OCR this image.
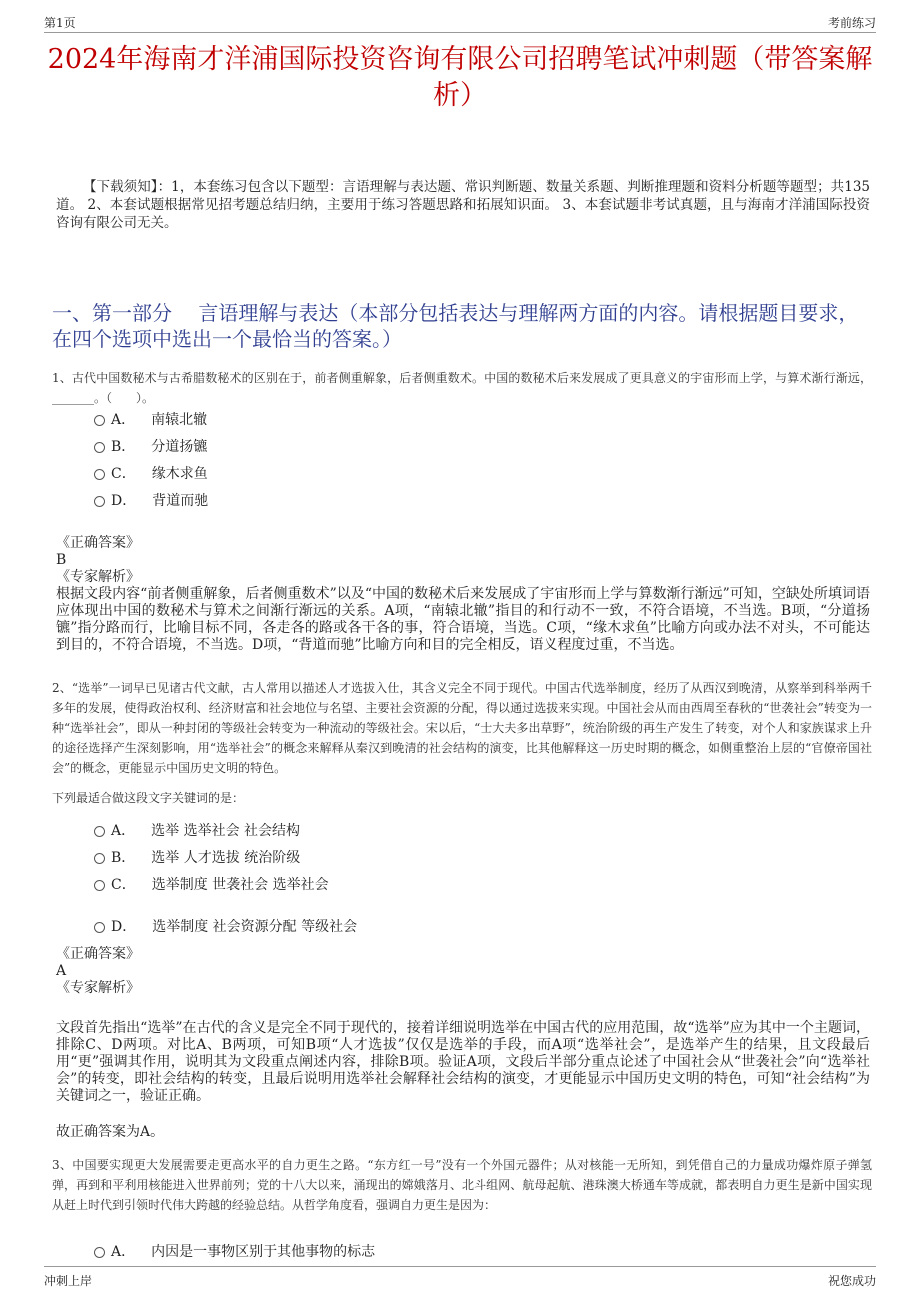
第1页	考前练习
2024年海南才洋浦国际投资咨询有限公司招聘笔试冲刺题（带答案解析）
【下载须知】：1，本套练习包含以下题型：言语理解与表达题、常识判断题、数量关系题、判断推理题和资料分析题等题型；共135道。 2、本套试题根据常见招考题总结归纳，主要用于练习答题思路和拓展知识面。 3、本套试题非考试真题，且与海南才洋浦国际投资咨询有限公司无关。
一、第一部分　 言语理解与表达（本部分包括表达与理解两方面的内容。请根据题目要求，在四个选项中选出一个最恰当的答案。）
1、古代中国数秘术与古希腊数秘术的区别在于，前者侧重解象，后者侧重数术。中国的数秘术后来发展成了更具意义的宇宙形而上学，与算术渐行渐远，_______。（　　）。
A． 南辕北辙
B． 分道扬镳
C． 缘木求鱼
D． 背道而驰
《正确答案》
B
《专家解析》
根据文段内容“前者侧重解象，后者侧重数术”以及“中国的数秘术后来发展成了宇宙形而上学与算数渐行渐远”可知，空缺处所填词语应体现出中国的数秘术与算术之间渐行渐远的关系。A项，“南辕北辙”指目的和行动不一致，不符合语境，不当选。B项，“分道扬镳”指分路而行，比喻目标不同，各走各的路或各干各的事，符合语境，当选。C项，“缘木求鱼”比喻方向或办法不对头，不可能达到目的，不符合语境，不当选。D项，“背道而驰”比喻方向和目的完全相反，语义程度过重，不当选。
2、“选举”一词早已见诸古代文献，古人常用以描述人才选拔入仕，其含义完全不同于现代。中国古代选举制度，经历了从西汉到晚清，从察举到科举两千多年的发展，使得政治权利、经济财富和社会地位与名望、主要社会资源的分配，得以通过选拔来实现。中国社会从而由西周至春秋的“世袭社会”转变为一种“选举社会”，即从一种封闭的等级社会转变为一种流动的等级社会。宋以后，“士大夫多出草野”，统治阶级的再生产发生了转变，对个人和家族谋求上升的途径选择产生深刻影响，用“选举社会”的概念来解释从秦汉到晚清的社会结构的演变，比其他解释这一历史时期的概念，如侧重整治上层的“官僚帝国社会”的概念，更能显示中国历史文明的特色。
下列最适合做这段文字关键词的是：
A． 选举 选举社会 社会结构
B． 选举 人才选拔 统治阶级
C． 选举制度 世袭社会 选举社会
D． 选举制度 社会资源分配 等级社会
《正确答案》
A
《专家解析》
文段首先指出“选举”在古代的含义是完全不同于现代的，接着详细说明选举在中国古代的应用范围，故“选举”应为其中一个主题词，排除C、D两项。对比A、B两项，可知B项“人才选拔”仅仅是选举的手段，而A项“选举社会”，是选举产生的结果，且文段最后用“更”强调其作用，说明其为文段重点阐述内容，排除B项。验证A项，文段后半部分重点论述了中国社会从“世袭社会”向“选举社会”的转变，即社会结构的转变，且最后说明用选举社会解释社会结构的演变，才更能显示中国历史文明的特色，可知“社会结构”为关键词之一，验证正确。
故正确答案为A。
3、中国要实现更大发展需要走更高水平的自力更生之路。“东方红一号”没有一个外国元器件；从对核能一无所知，到凭借自己的力量成功爆炸原子弹氢弹，再到和平利用核能进入世界前列；党的十八大以来，涌现出的嫦娥落月、北斗组网、航母起航、港珠澳大桥通车等成就，都表明自力更生是新中国实现从赶上时代到引领时代伟大跨越的经验总结。从哲学角度看，强调自力更生是因为：
A． 内因是一事物区别于其他事物的标志
冲刺上岸	祝您成功
